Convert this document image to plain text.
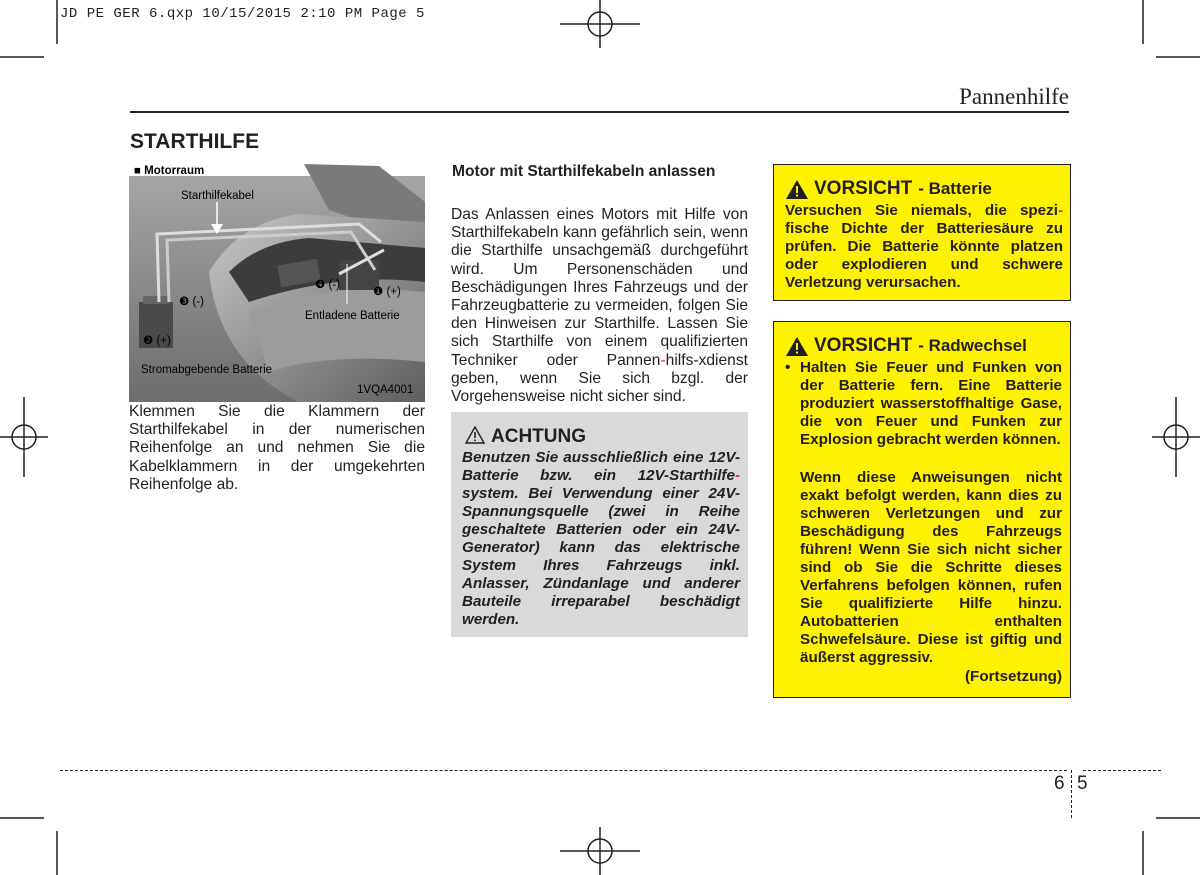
JD PE GER 6.qxp 10/15/2015 2:10 PM Page 5
Pannenhilfe
STARTHILFE
■ Motorraum
Starthilfekabel
❹ (-)
❶ (+)
❸ (-)
Entladene Batterie
❷ (+)
Stromabgebende Batterie
1VQA4001
Klemmen Sie die Klammern der Starthilfekabel in der numerischen Reihenfolge an und nehmen Sie die Kabelklammern in der umgekehrten Reihenfolge ab.
Motor mit Starthilfekabeln anlassen
Das Anlassen eines Motors mit Hilfe von Starthilfekabeln kann gefährlich sein, wenn die Starthilfe unsachgemäß durchgeführt wird. Um Personenschäden und Beschädigungen Ihres Fahrzeugs und der Fahrzeugbatterie zu vermeiden, folgen Sie den Hinweisen zur Starthilfe. Lassen Sie sich Starthilfe von einem qualifizierten Techniker oder Pannen-hilfs-xdienst geben, wenn Sie sich bzgl. der Vorgehensweise nicht sicher sind.
ACHTUNG
Benutzen Sie ausschließlich eine 12V-Batterie bzw. ein 12V-Starthilfe-system. Bei Verwendung einer 24V-Spannungsquelle (zwei in Reihe geschaltete Batterien oder ein 24V-Generator) kann das elektrische System Ihres Fahrzeugs inkl. Anlasser, Zündanlage und anderer Bauteile irreparabel beschädigt werden.
VORSICHT - Batterie
Versuchen Sie niemals, die spezi-fische Dichte der Batteriesäure zu prüfen. Die Batterie könnte platzen oder explodieren und schwere Verletzung verursachen.
VORSICHT - Radwechsel
• Halten Sie Feuer und Funken von der Batterie fern. Eine Batterie produziert wasserstoffhaltige Gase, die von Feuer und Funken zur Explosion gebracht werden können.
Wenn diese Anweisungen nicht exakt befolgt werden, kann dies zu schweren Verletzungen und zur Beschädigung des Fahrzeugs führen! Wenn Sie sich nicht sicher sind ob Sie die Schritte dieses Verfahrens befolgen können, rufen Sie qualifizierte Hilfe hinzu. Autobatterien enthalten Schwefelsäure. Diese ist giftig und äußerst aggressiv.
(Fortsetzung)
6 5
